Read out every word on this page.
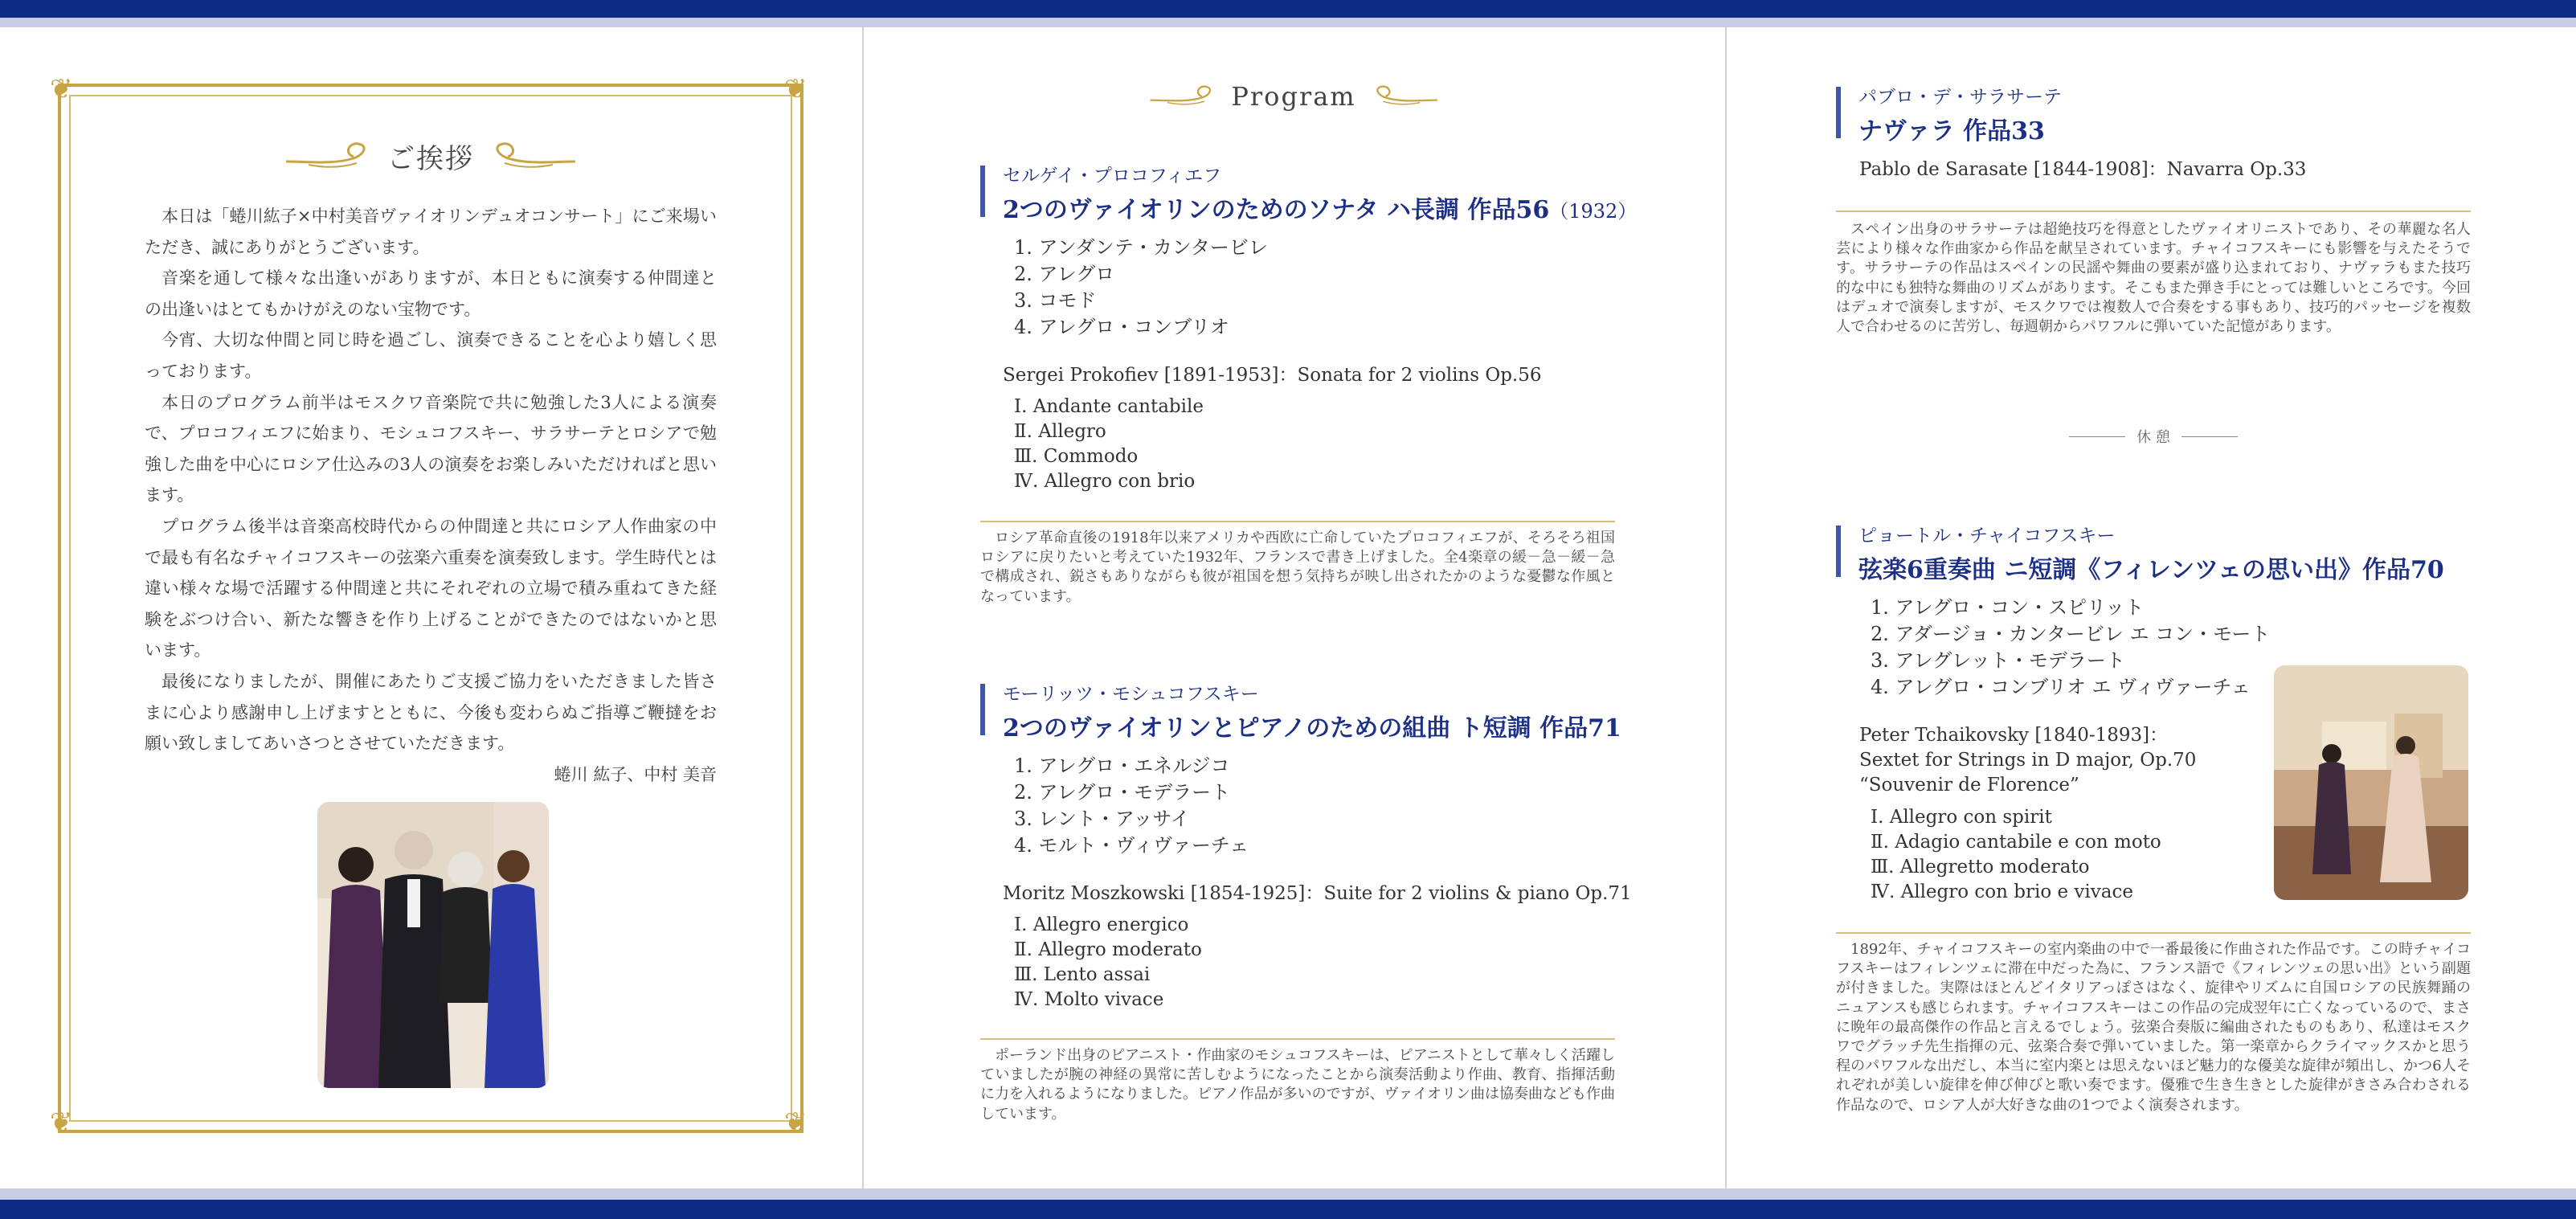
❦	❦
❦	❦
ご挨拶

本日は「蜷川紘子×中村美音ヴァイオリンデュオコンサート」にご来場いただき、誠にありがとうございます。

音楽を通して様々な出逢いがありますが、本日ともに演奏する仲間達との出逢いはとてもかけがえのない宝物です。

今宵、大切な仲間と同じ時を過ごし、演奏できることを心より嬉しく思っております。

本日のプログラム前半はモスクワ音楽院で共に勉強した3人による演奏で、プロコフィエフに始まり、モシュコフスキー、サラサーテとロシアで勉強した曲を中心にロシア仕込みの3人の演奏をお楽しみいただければと思います。

プログラム後半は音楽高校時代からの仲間達と共にロシア人作曲家の中で最も有名なチャイコフスキーの弦楽六重奏を演奏致します。学生時代とは違い様々な場で活躍する仲間達と共にそれぞれの立場で積み重ねてきた経験をぶつけ合い、新たな響きを作り上げることができたのではないかと思います。

最後になりましたが、開催にあたりご支援ご協力をいただきました皆さまに心より感謝申し上げますとともに、今後も変わらぬご指導ご鞭撻をお願い致しましてあいさつとさせていただきます。

蜷川 紘子、中村 美音

Program
セルゲイ・プロコフィエフ
2つのヴァイオリンのためのソナタ ハ長調 作品56（1932）
1. アンダンテ・カンタービレ
2. アレグロ
3. コモド
4. アレグロ・コンブリオ
Sergei Prokofiev [1891-1953]：Sonata for 2 violins Op.56
Ⅰ. Andante cantabile
Ⅱ. Allegro
Ⅲ. Commodo
Ⅳ. Allegro con brio

ロシア革命直後の1918年以来アメリカや西欧に亡命していたプロコフィエフが、そろそろ祖国ロシアに戻りたいと考えていた1932年、フランスで書き上げました。全4楽章の緩－急－緩－急で構成され、鋭さもありながらも彼が祖国を想う気持ちが映し出されたかのような憂鬱な作風となっています。

モーリッツ・モシュコフスキー
2つのヴァイオリンとピアノのための組曲 ト短調 作品71
1. アレグロ・エネルジコ
2. アレグロ・モデラート
3. レント・アッサイ
4. モルト・ヴィヴァーチェ
Moritz Moszkowski [1854-1925]：Suite for 2 violins & piano Op.71
Ⅰ. Allegro energico
Ⅱ. Allegro moderato
Ⅲ. Lento assai
Ⅳ. Molto vivace

ポーランド出身のピアニスト・作曲家のモシュコフスキーは、ピアニストとして華々しく活躍していましたが腕の神経の異常に苦しむようになったことから演奏活動より作曲、教育、指揮活動に力を入れるようになりました。ピアノ作品が多いのですが、ヴァイオリン曲は協奏曲なども作曲しています。

パブロ・デ・サラサーテ
ナヴァラ 作品33
Pablo de Sarasate [1844-1908]：Navarra Op.33

スペイン出身のサラサーテは超絶技巧を得意としたヴァイオリニストであり、その華麗な名人芸により様々な作曲家から作品を献呈されています。チャイコフスキーにも影響を与えたそうです。サラサーテの作品はスペインの民謡や舞曲の要素が盛り込まれており、ナヴァラもまた技巧的な中にも独特な舞曲のリズムがあります。そこもまた弾き手にとっては難しいところです。今回はデュオで演奏しますが、モスクワでは複数人で合奏をする事もあり、技巧的パッセージを複数人で合わせるのに苦労し、毎週朝からパワフルに弾いていた記憶があります。

休 憩
ピョートル・チャイコフスキー
弦楽6重奏曲 ニ短調《フィレンツェの思い出》作品70
1. アレグロ・コン・スピリット
2. アダージョ・カンタービレ エ コン・モート
3. アレグレット・モデラート
4. アレグロ・コンブリオ エ ヴィヴァーチェ
Peter Tchaikovsky [1840-1893]：
Sextet for Strings in D major, Op.70
“Souvenir de Florence”
Ⅰ. Allegro con spirit
Ⅱ. Adagio cantabile e con moto
Ⅲ. Allegretto moderato
Ⅳ. Allegro con brio e vivace

1892年、チャイコフスキーの室内楽曲の中で一番最後に作曲された作品です。この時チャイコフスキーはフィレンツェに滞在中だった為に、フランス語で《フィレンツェの思い出》という副題が付きました。実際はほとんどイタリアっぽさはなく、旋律やリズムに自国ロシアの民族舞踊のニュアンスも感じられます。チャイコフスキーはこの作品の完成翌年に亡くなっているので、まさに晩年の最高傑作の作品と言えるでしょう。弦楽合奏版に編曲されたものもあり、私達はモスクワでグラッチ先生指揮の元、弦楽合奏で弾いていました。第一楽章からクライマックスかと思う程のパワフルな出だし、本当に室内楽とは思えないほど魅力的な優美な旋律が頻出し、かつ6人それぞれが美しい旋律を伸び伸びと歌い奏でます。優雅で生き生きとした旋律がきさみ合わされる作品なので、ロシア人が大好きな曲の1つでよく演奏されます。
